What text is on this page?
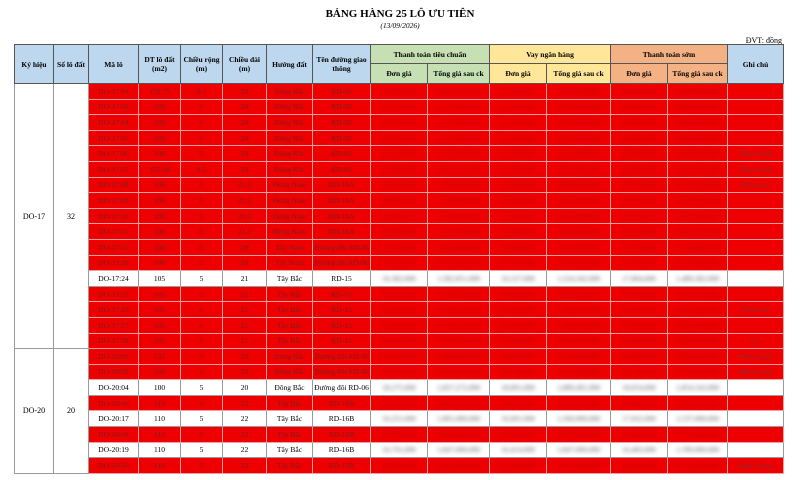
BẢNG HÀNG 25 LÔ ƯU TIÊN
(13/09/2026)
ĐVT: đồng
Ký hiệu	Số lô đất	Mã lô	DT lô đất (m2)	Chiều rộng (m)	Chiều dài (m)	Hướng đất	Tên đường giao thông	Thanh toán tiêu chuẩn		Vay ngân hàng		Thanh toán sớm		Ghi chú
								Đơn giá	Tổng giá sau ck	Đơn giá	Tổng giá sau ck	Đơn giá	Tổng giá sau ck	
DO-17	32	DO-17:01	159.75	8.5	20	Đông Bắc	RD-05	17,420,000	2,782,895,000	17,920,000	2,862,720,000	16,950,000	2,707,762,000	
		DO-17:02	100	5	20	Đông Bắc	RD-05	17,120,000	1,712,000,000	17,610,000	1,761,000,000	16,660,000	1,666,000,000	
		DO-17:04	100	5	20	Đông Bắc	RD-05	17,120,000	1,712,000,000	17,610,000	1,761,000,000	16,660,000	1,666,000,000	
		DO-17:05	100	5	20	Đông Bắc	RD-05	17,120,000	1,712,000,000	17,610,000	1,761,000,000	16,660,000	1,666,000,000	
		DO-17:06	100	5	20	Đông Bắc	RD-05	17,120,000	1,712,000,000	17,610,000	1,761,000,000	16,660,000	1,666,000,000	Mike Land
		DO-17:07	165.98	8.5	20	Đông Bắc	RD-05	17,420,000	2,891,372,000	17,920,000	2,974,362,000	16,950,000	2,813,361,000	Mike Land
		DO-17:08	106	5	21.2	Đông Nam	RD-16A	16,820,000	1,782,920,000	17,300,000	1,833,800,000	16,370,000	1,735,220,000	Phucconi
		DO-17:09	106	5	21.2	Đông Nam	RD-16A	16,820,000	1,782,920,000	17,300,000	1,833,800,000	16,370,000	1,735,220,000	
		DO-17:10	106	5	21.2	Đông Nam	RD-16A	16,820,000	1,782,920,000	17,300,000	1,833,800,000	16,370,000	1,735,220,000	
		DO-17:11	106	5	21.2	Đông Nam	RD-16A	16,820,000	1,782,920,000	17,300,000	1,833,800,000	16,370,000	1,735,220,000	
		DO-17:15	100	5	20	Tây Nam	Đường đôi RD-06	18,220,000	1,822,000,000	18,740,000	1,874,000,000	17,730,000	1,773,000,000	
		DO-17:20	100	5	20	Tây Nam	Đường đôi RD-06	18,220,000	1,822,000,000	18,740,000	1,874,000,000	17,730,000	1,773,000,000	
		DO-17:24	105	5	21	Tây Bắc	RD-15	16,382,000	1,582,851,000	16,527,000	1,524,342,000	17,804,000	1,489,382,000	
		DO-17:25	105	5	21	Tây Bắc	RD-15	16,382,000	1,720,110,000	16,850,000	1,769,250,000	15,940,000	1,673,700,000	
		DO-17:26	105	5	21	Tây Bắc	RD-15	16,382,000	1,720,110,000	16,850,000	1,769,250,000	15,940,000	1,673,700,000	Phucconi
		DO-17:27	105	5	21	Tây Bắc	RD-15	16,382,000	1,720,110,000	16,850,000	1,769,250,000	15,940,000	1,673,700,000	
		DO-17:28	105	5	21	Tây Bắc	RD-15	16,382,000	1,720,110,000	16,850,000	1,769,250,000	15,940,000	1,673,700,000	coc
DO-20	20	DO-20:01	132	7	20	Đông Bắc	Đường đôi RD-06	18,520,000	2,444,640,000	19,050,000	2,514,600,000	18,020,000	2,378,640,000	Mike Land
		DO-20:02	100	5	20	Đông Bắc	Đường đôi RD-06	18,220,000	1,822,000,000	18,740,000	1,874,000,000	17,730,000	1,773,000,000	Mike Land
		DO-20:04	100	5	20	Đông Bắc	Đường đôi RD-06	18,275,000	1,827,272,000	18,891,000	1,889,491,000	18,054,000	1,854,543,000	
		DO-20:16	110	5	22	Tây Bắc	RD-16B	16,380,000	1,801,800,000	16,850,000	1,853,500,000	15,940,000	1,753,400,000	
		DO-20:17	110	5	22	Tây Bắc	RD-16B	16,221,000	1,801,000,000	16,601,000	1,584,900,000	17,022,000	1,537,000,000	
		DO-20:18	110	5	22	Tây Bắc	RD-16B	16,380,000	1,801,800,000	16,850,000	1,853,500,000	15,940,000	1,753,400,000	
		DO-20:19	110	5	22	Tây Bắc	RD-16B	16,791,000	1,847,000,000	16,414,000	1,847,000,000	16,483,000	1,789,000,000	
		DO-20:20	110	5	22	Tây Bắc	RD-16B	16,380,000	1,801,800,000	16,850,000	1,853,500,000	15,940,000	1,753,400,000	Hapi Home
